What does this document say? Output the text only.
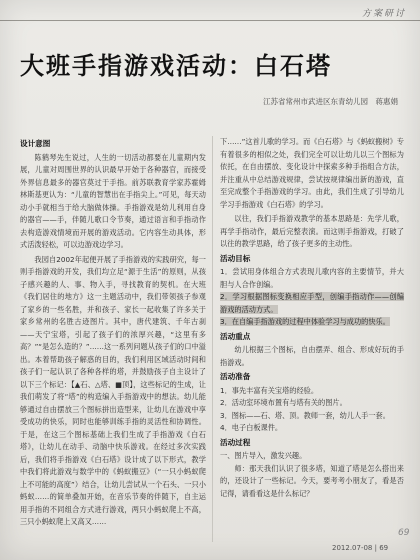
方案研讨
大班手指游戏活动：白石塔
江苏省常州市武进区东青幼儿园　蒋惠娟
设计意图

陈鹤琴先生说过，人生的一切活动都要在儿童期内发展，儿童对周围世界的认识最早开始于各种器官，而接受外界信息最多的器官莫过于手指。前苏联教育学家苏霍姆林斯基更认为：“儿童的智慧出在手指尖上。”可见，每天动动小手就相当于给大脑做体操。手指游戏是幼儿利用自身的器官——手，伴随儿歌口令节奏，通过语言和手指动作去构造游戏情境而开展的游戏活动。它内容生动具体，形式活泼轻松，可以边游戏边学习。

我园自2002年起便开展了手指游戏的实践研究，每一则手指游戏的开发，我们均立足“源于生活”的原则，从孩子感兴趣的人、事、物入手，寻找教育的契机。在大班《我们居住的地方》这一主题活动中，我们带领孩子参观了家乡的一些名胜，并和孩子、家长一起收集了许多关于家乡常州的名胜古迹图片。其中，唐代建筑、千年古刹——天宁宝塔，引起了孩子们的浓厚兴趣，“这里有多高？”“是怎么造的？”……这一系列问题从孩子们的口中溢出。本着帮助孩子解惑的目的，我们利用区域活动时间和孩子们一起认识了各种各样的塔，并鼓励孩子自主设计了以下三个标记：【▲石、△塔、■顶】，这些标记的生成，让我们萌发了将“塔”的构造编入手指游戏中的想法。幼儿能够通过自由摆放三个图标拼出造型来，让幼儿在游戏中享受成功的快乐，同时也能够训练手指的灵活性和协调性。于是，在这三个图标基础上我们生成了手指游戏《白石塔》，让幼儿在动手、动脑中快乐游戏。在经过多次实践后，我们将手指游戏《白石塔》设计成了以下形式，教学中我们将此游戏与数学中的《蚂蚁搬豆》（“一只小蚂蚁爬上不可能的高度”）结合，让幼儿尝试从一个石头、一只小蚂蚁……的简单叠加开始，在音乐节奏的伴随下，自主运用手指的不同组合方式进行游戏，两只小蚂蚁爬上不高，三只小蚂蚁爬上又高又……

下……”这首儿歌的学习。而《白石塔》与《蚂蚁搬树》专有着很多的相似之处，我们完全可以让幼儿以三个图标为依托，在自由摆放、变化设计中探索多种手指组合方法，并注重从中总结游戏规律，尝试按规律编出新的游戏，直至完成整个手指游戏的学习。由此，我们生成了引导幼儿学习手指游戏《白石塔》的学习。

以往，我们手指游戏教学的基本思路是：先学儿歌，再学手指动作，最后完整表演。而这则手指游戏，打破了以往的教学思路，给了孩子更多的主动性。

活动目标

1．尝试用身体组合方式表现儿歌内容的主要情节，并大胆与人合作创编。

2．学习根据图标变换相应手型，创编手指动作——创编游戏的活动方式。

3．在自编手指游戏的过程中体验学习与成功的快乐。

活动重点

幼儿根据三个图标，自由摆弄、组合、形成好玩的手指游戏。

活动准备

1．事先丰富有关宝塔的经验。

2．活动室环境布置有与塔有关的图片。

3．图标——石、塔、顶。教师一套，幼儿人手一套。

4．电子白板课件。

活动过程

一、图片导入，激发兴趣。

师：那天我们认识了很多塔，知道了塔是怎么搭出来的，还设计了一些标记。今天，要考考小朋友了，看是否记得，请看看这是什么标记？

69
2012.07-08 | 69
